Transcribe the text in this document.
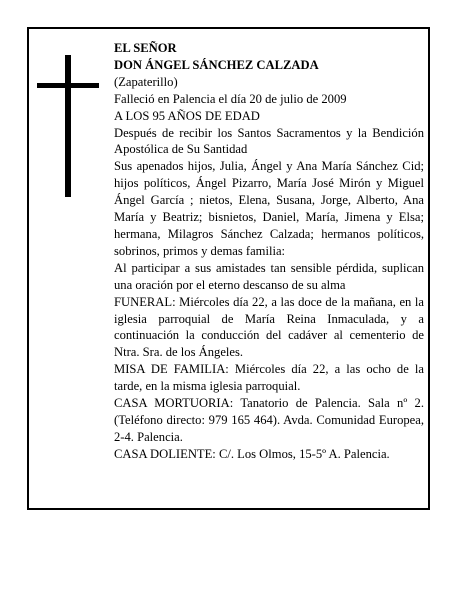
EL SEÑOR

DON ÁNGEL SÁNCHEZ CALZADA

(Zapaterillo)

Falleció en Palencia el día 20 de julio de 2009

A LOS 95 AÑOS DE EDAD

Después de recibir los Santos Sacramentos y la Bendición Apostólica de Su Santidad

Sus apenados hijos, Julia, Ángel y Ana María Sánchez Cid; hijos políticos, Ángel Pizarro, María José Mirón y Miguel Ángel García ; nietos, Elena, Susana, Jorge, Alberto, Ana María y Beatriz; bisnietos, Daniel, María, Jimena y Elsa; hermana, Milagros Sánchez Calzada; hermanos políticos, sobrinos, primos y demas familia:

Al participar a sus amistades tan sensible pérdida, suplican una oración por el eterno descanso de su alma

FUNERAL: Miércoles día 22, a las doce de la mañana, en la iglesia parroquial de María Reina Inmaculada, y a continuación la conducción del cadáver al cementerio de Ntra. Sra. de los Ángeles.

MISA DE FAMILIA: Miércoles día 22, a las ocho de la tarde, en la misma iglesia parroquial.

CASA MORTUORIA: Tanatorio de Palencia. Sala nº 2. (Teléfono directo: 979 165 464). Avda. Comunidad Europea, 2-4. Palencia.

CASA DOLIENTE: C/. Los Olmos, 15-5º A. Palencia.
